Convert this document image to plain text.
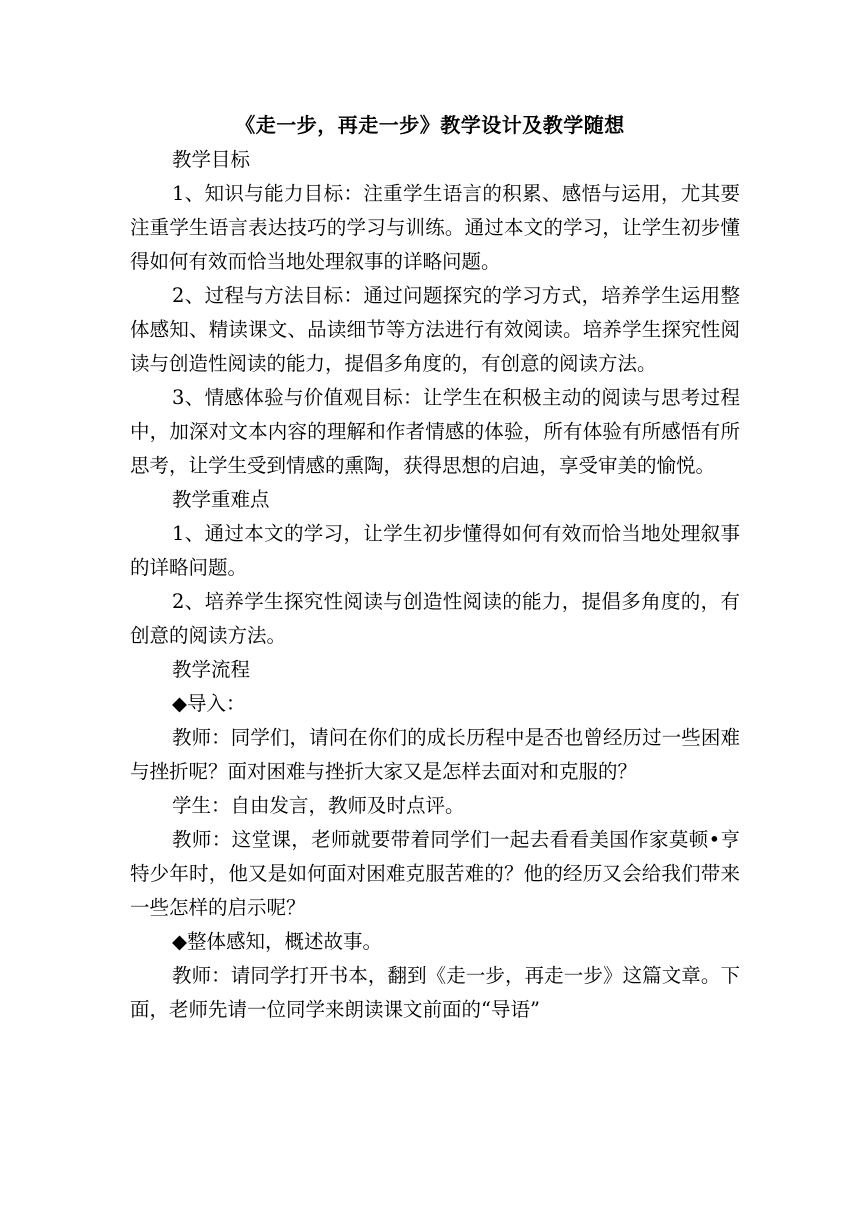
《走一步，再走一步》教学设计及教学随想

教学目标

1、知识与能力目标：注重学生语言的积累、感悟与运用，尤其要注重学生语言表达技巧的学习与训练。通过本文的学习，让学生初步懂得如何有效而恰当地处理叙事的详略问题。

2、过程与方法目标：通过问题探究的学习方式，培养学生运用整体感知、精读课文、品读细节等方法进行有效阅读。培养学生探究性阅读与创造性阅读的能力，提倡多角度的，有创意的阅读方法。

3、情感体验与价值观目标：让学生在积极主动的阅读与思考过程中，加深对文本内容的理解和作者情感的体验，所有体验有所感悟有所思考，让学生受到情感的熏陶，获得思想的启迪，享受审美的愉悦。

教学重难点

1、通过本文的学习，让学生初步懂得如何有效而恰当地处理叙事的详略问题。

2、培养学生探究性阅读与创造性阅读的能力，提倡多角度的，有创意的阅读方法。

教学流程

◆导入：

教师：同学们，请问在你们的成长历程中是否也曾经历过一些困难与挫折呢？面对困难与挫折大家又是怎样去面对和克服的？

学生：自由发言，教师及时点评。

教师：这堂课，老师就要带着同学们一起去看看美国作家莫顿•亨特少年时，他又是如何面对困难克服苦难的？他的经历又会给我们带来一些怎样的启示呢？

◆整体感知，概述故事。

教师：请同学打开书本，翻到《走一步，再走一步》这篇文章。下面，老师先请一位同学来朗读课文前面的“导语”
